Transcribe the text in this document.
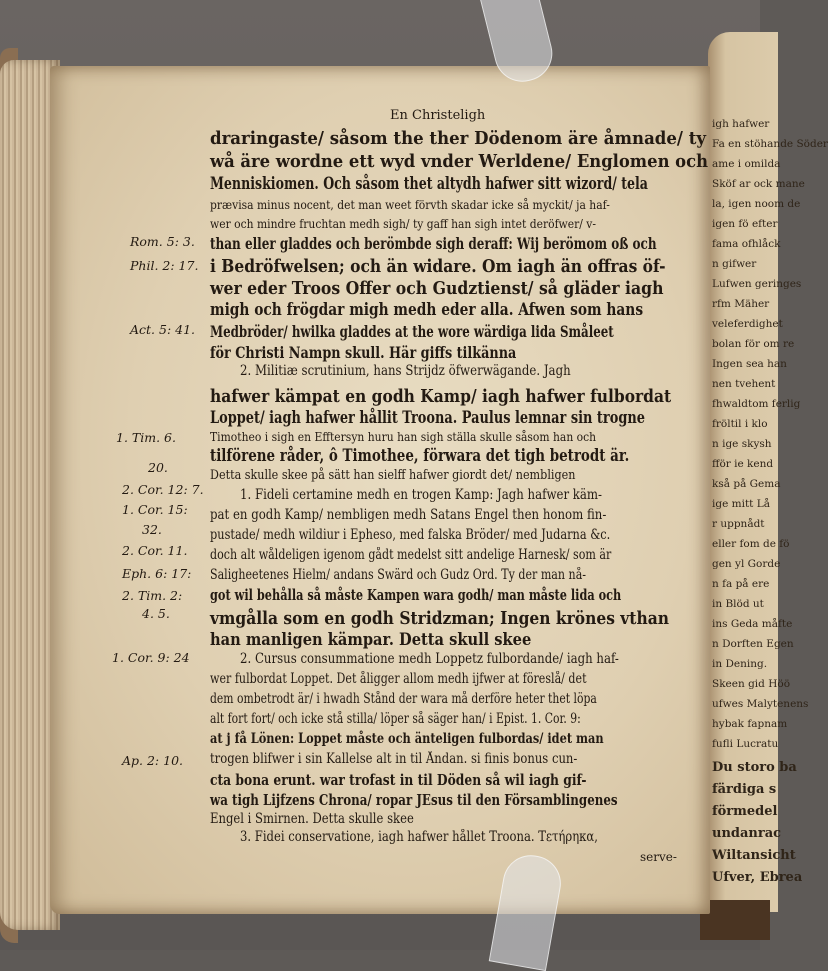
En Christeligh
draringaste/ såsom the ther Dödenom äre åmnade/ ty
wå äre wordne ett wyd vnder Werldene/ Englomen och
Menniskiomen. Och såsom thet altydh hafwer sitt wizord/ tela
prævisa minus nocent, det man weet förvth skadar icke så myckit/ ja haf-
wer och mindre fruchtan medh sigh/ ty gaff han sigh intet deröfwer/ v-
than eller gladdes och berömbde sigh deraff: Wij berömom oß och
i Bedröfwelsen; och än widare. Om iagh än offras öf-
wer eder Troos Offer och Gudztienst/ så gläder iagh
migh och frögdar migh medh eder alla. Afwen som hans
Medbröder/ hwilka gladdes at the wore wärdiga lida Småleet
för Christi Nampn skull. Här giffs tilkänna
2. Militiæ scrutinium, hans Strijdz öfwerwägande. Jagh
hafwer kämpat en godh Kamp/ iagh hafwer fulbordat
Loppet/ iagh hafwer hållit Troona. Paulus lemnar sin trogne
Timotheo i sigh en Efftersyn huru han sigh ställa skulle såsom han och
tilförene råder, ô Timothee, förwara det tigh betrodt är.
Detta skulle skee på sätt han sielff hafwer giordt det/ nembligen
1. Fideli certamine medh en trogen Kamp: Jagh hafwer käm-
pat en godh Kamp/ nembligen medh Satans Engel then honom fin-
pustade/ medh wildiur i Epheso, med falska Bröder/ med Judarna &c.
doch alt wåldeligen igenom gådt medelst sitt andelige Harnesk/ som är
Saligheetenes Hielm/ andans Swärd och Gudz Ord. Ty der man nå-
got wil behålla så måste Kampen wara godh/ man måste lida och
vmgålla som en godh Stridzman; Ingen krönes vthan
han manligen kämpar. Detta skull skee
2. Cursus consummatione medh Loppetz fulbordande/ iagh haf-
wer fulbordat Loppet. Det åligger allom medh ijfwer at föreslå/ det
dem ombetrodt är/ i hwadh Stånd der wara må derföre heter thet löpa
alt fort fort/ och icke stå stilla/ löper så säger han/ i Epist. 1. Cor. 9:
at j få Lönen: Loppet måste och änteligen fulbordas/ idet man
trogen blifwer i sin Kallelse alt in til Åndan. si finis bonus cun-
cta bona erunt. war trofast in til Döden så wil iagh gif-
wa tigh Lijfzens Chrona/ ropar JEsus til den Församblingenes
Engel i Smirnen. Detta skulle skee
3. Fidei conservatione, iagh hafwer hållet Troona. Τετήρηκα,
serve-
Rom. 5: 3.
Phil. 2: 17.
Act. 5: 41.
1. Tim. 6.
20.
2. Cor. 12: 7.
1. Cor. 15:
32.
2. Cor. 11.
Eph. 6: 17:
2. Tim. 2:
4. 5.
1. Cor. 9: 24
Ap. 2: 10.
igh hafwer
Fa en stöhande Söder
ame i omilda
Sköf ar ock mane
la, igen noom de
igen fö efter
fama ofhlåck
n gifwer
Lufwen geringes
rfm Mäher
veleferdighet
bolan för om re
Ingen sea han
nen tvehent
fhwaldtom ferlig
fröltil i klo
n ige skysh
fför ie kend
kså på Gema
ige mitt Lå
r uppnådt
eller fom de fö
gen yl Gorde
n fa på ere
in Blöd ut
ins Geda måfte
n Dorften Egen
in Dening.
Skeen gid Höö
ufwes Malytenens
hybak fapnam
fufli Lucratu
Du storo ba
färdiga s
förmedel
undanrac
Wiltansicht
Ufver, Ebrea
